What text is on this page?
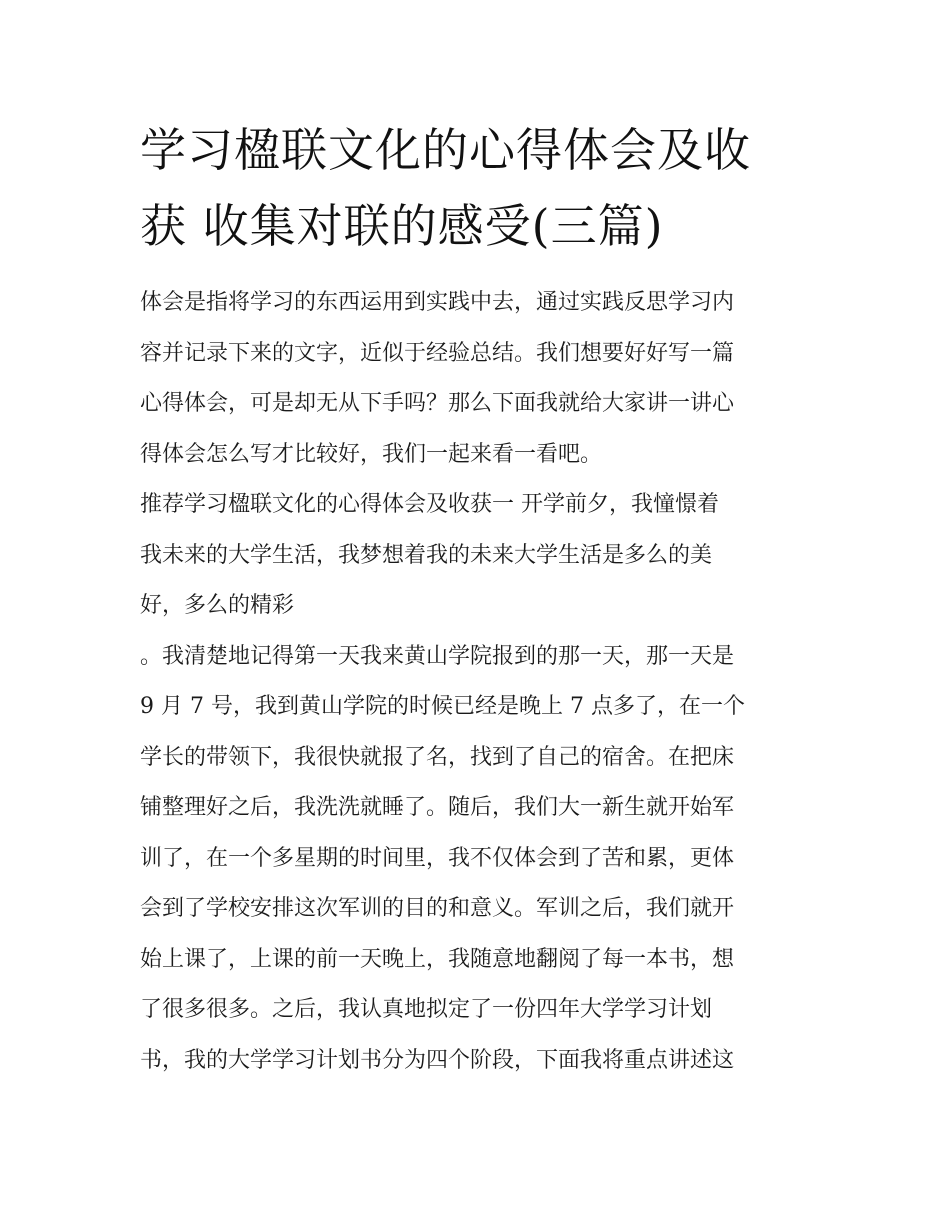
学习楹联文化的心得体会及收
获 收集对联的感受(三篇)

体会是指将学习的东西运用到实践中去，通过实践反思学习内
容并记录下来的文字，近似于经验总结。我们想要好好写一篇
心得体会，可是却无从下手吗？那么下面我就给大家讲一讲心
得体会怎么写才比较好，我们一起来看一看吧。

推荐学习楹联文化的心得体会及收获一 开学前夕，我憧憬着
我未来的大学生活，我梦想着我的未来大学生活是多么的美
好，多么的精彩

。我清楚地记得第一天我来黄山学院报到的那一天，那一天是
9 月 7 号，我到黄山学院的时候已经是晚上 7 点多了，在一个
学长的带领下，我很快就报了名，找到了自己的宿舍。在把床
铺整理好之后，我洗洗就睡了。随后，我们大一新生就开始军
训了，在一个多星期的时间里，我不仅体会到了苦和累，更体
会到了学校安排这次军训的目的和意义。军训之后，我们就开
始上课了，上课的前一天晚上，我随意地翻阅了每一本书，想
了很多很多。之后，我认真地拟定了一份四年大学学习计划
书，我的大学学习计划书分为四个阶段，下面我将重点讲述这
